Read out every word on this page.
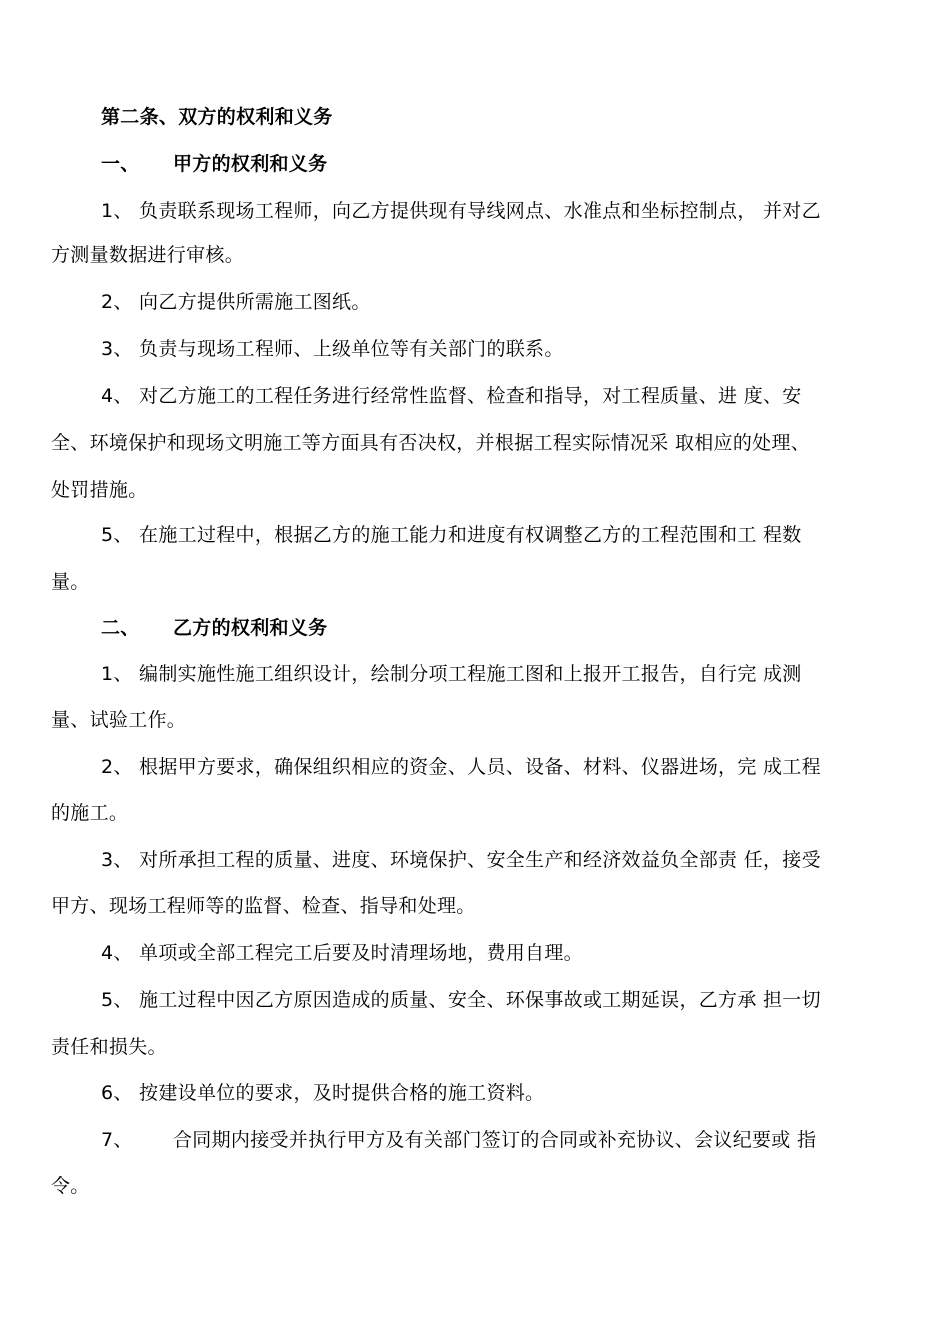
第二条、双方的权利和义务
一、 甲方的权利和义务
1、 负责联系现场工程师，向乙方提供现有导线网点、水准点和坐标控制点， 并对乙
方测量数据进行审核。
2、 向乙方提供所需施工图纸。
3、 负责与现场工程师、上级单位等有关部门的联系。
4、 对乙方施工的工程任务进行经常性监督、检查和指导，对工程质量、进 度、安
全、环境保护和现场文明施工等方面具有否决权，并根据工程实际情况采 取相应的处理、
处罚措施。
5、 在施工过程中，根据乙方的施工能力和进度有权调整乙方的工程范围和工 程数
量。
二、 乙方的权利和义务
1、 编制实施性施工组织设计，绘制分项工程施工图和上报开工报告，自行完 成测
量、试验工作。
2、 根据甲方要求，确保组织相应的资金、人员、设备、材料、仪器进场，完 成工程
的施工。
3、 对所承担工程的质量、进度、环境保护、安全生产和经济效益负全部责 任，接受
甲方、现场工程师等的监督、检查、指导和处理。
4、 单项或全部工程完工后要及时清理场地，费用自理。
5、 施工过程中因乙方原因造成的质量、安全、环保事故或工期延误，乙方承 担一切
责任和损失。
6、 按建设单位的要求，及时提供合格的施工资料。
7、 合同期内接受并执行甲方及有关部门签订的合同或补充协议、会议纪要或 指
令。
